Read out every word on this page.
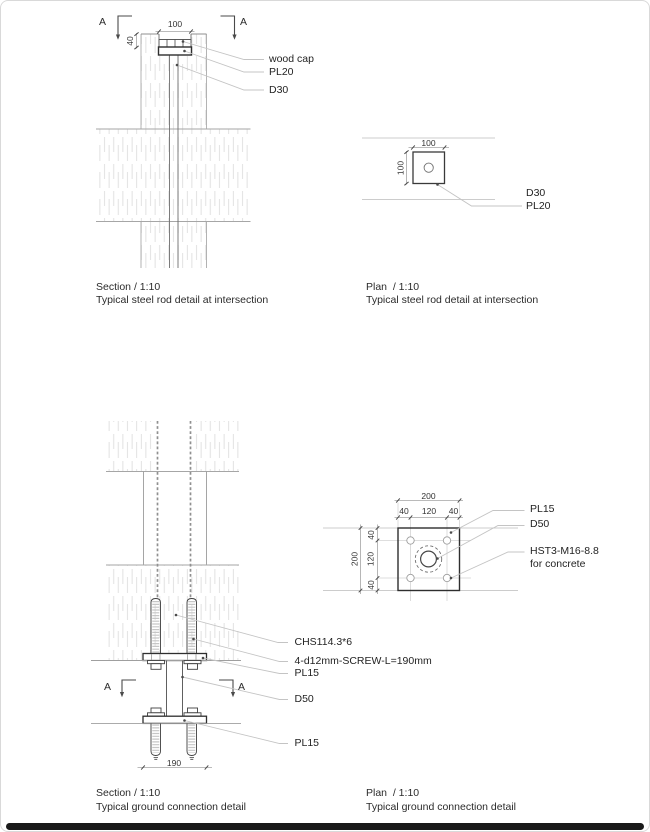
A	A
100
40
wood cap
PL20
D30
Section / 1:10
Typical steel rod detail at intersection
100
100
D30
PL20
Plan  / 1:10
Typical steel rod detail at intersection
CHS114.3*6
4-d12mm-SCREW-L=190mm
PL15
D50
PL15
A	A
190
Section / 1:10
Typical ground connection detail
200
40	120	40
200
40
120
40
PL15
D50
HST3-M16-8.8
for concrete
Plan  / 1:10
Typical ground connection detail
